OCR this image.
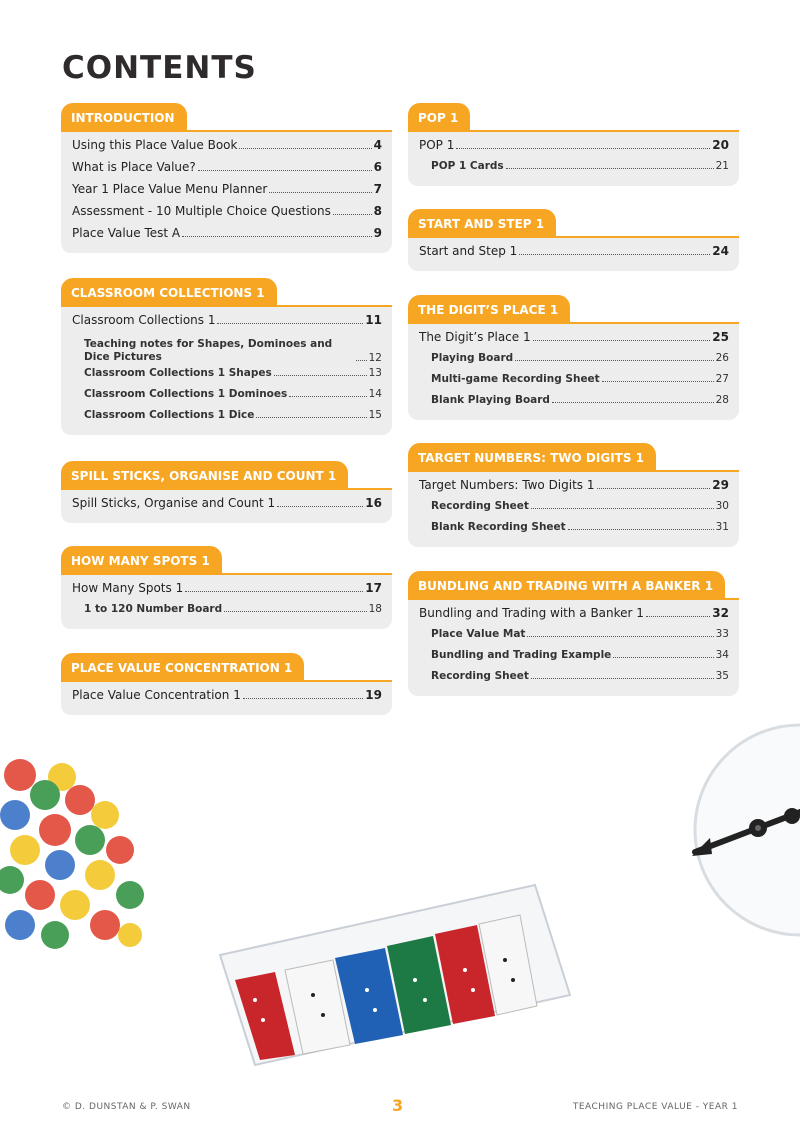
CONTENTS
INTRODUCTION
Using this Place Value Book	4
What is Place Value?	6
Year 1 Place Value Menu Planner	7
Assessment - 10 Multiple Choice Questions	8
Place Value Test A	9
CLASSROOM COLLECTIONS 1
Classroom Collections 1	11
Teaching notes for Shapes, Dominoes and Dice Pictures	12
Classroom Collections 1 Shapes	13
Classroom Collections 1 Dominoes	14
Classroom Collections 1 Dice	15
SPILL STICKS, ORGANISE AND COUNT 1
Spill Sticks, Organise and Count 1	16
HOW MANY SPOTS 1
How Many Spots 1	17
1 to 120 Number Board	18
PLACE VALUE CONCENTRATION 1
Place Value Concentration 1	19
POP 1
POP 1	20
POP 1 Cards	21
START AND STEP 1
Start and Step 1	24
THE DIGIT’S PLACE 1
The Digit’s Place 1	25
Playing Board	26
Multi-game Recording Sheet	27
Blank Playing Board	28
TARGET NUMBERS: TWO DIGITS 1
Target Numbers: Two Digits 1	29
Recording Sheet	30
Blank Recording Sheet	31
BUNDLING AND TRADING WITH A BANKER 1
Bundling and Trading with a Banker 1	32
Place Value Mat	33
Bundling and Trading Example	34
Recording Sheet	35
© D. DUNSTAN & P. SWAN	3	TEACHING PLACE VALUE - YEAR 1
